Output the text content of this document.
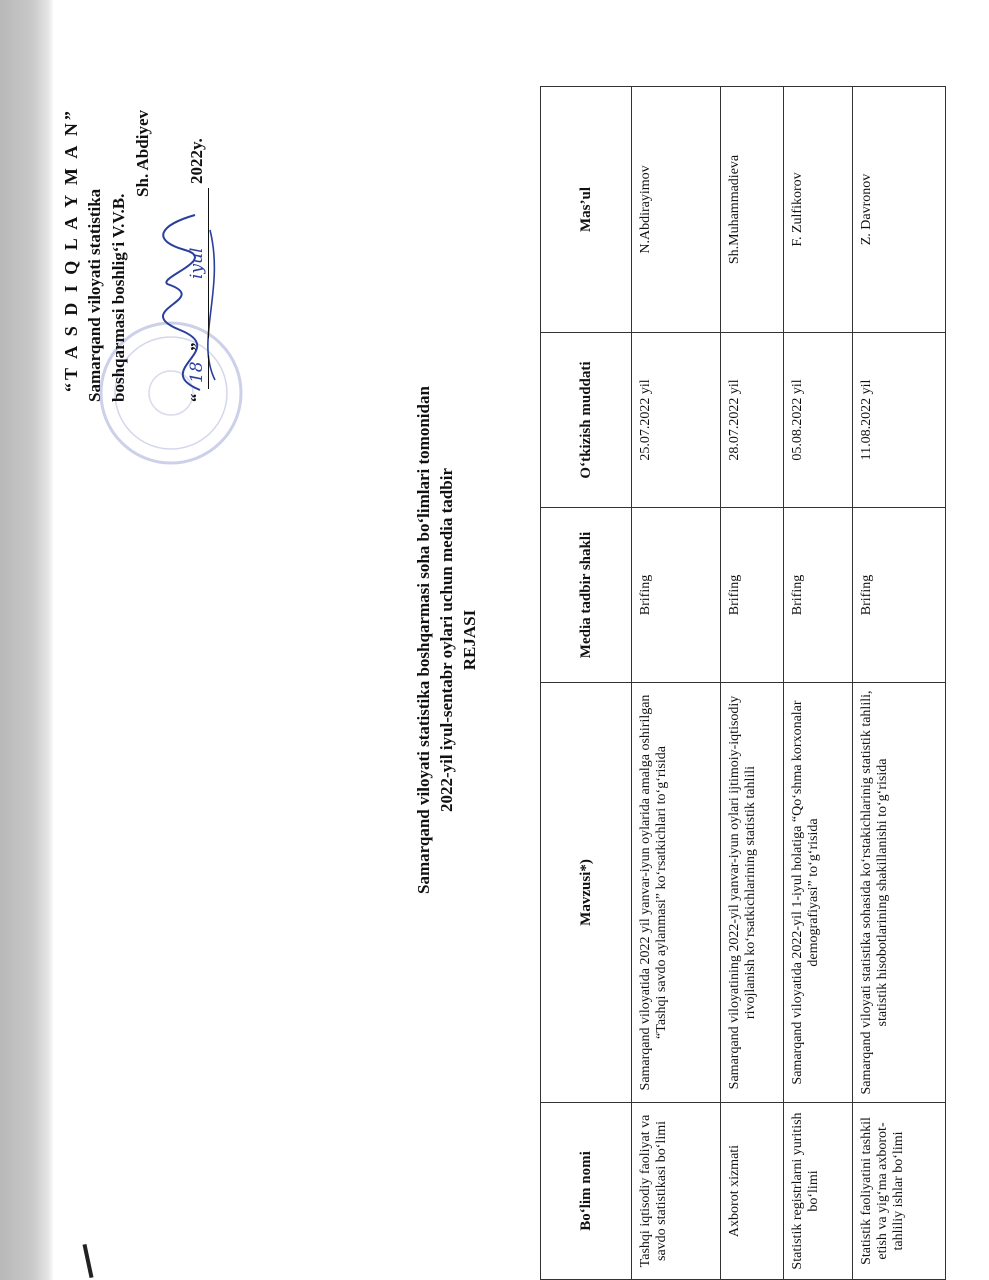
“T A S D I Q L A Y M A N” Samarqand viloyati statistika boshqarmasi boshlig‘i V.V.B.
Sh. Abdiyev
“ 18 ” iyul 2022y.
Samarqand viloyati statistika boshqarmasi soha bo‘limlari tomonidan 2022-yil iyul-sentabr oylari uchun media tadbir REJASI
Bo‘lim nomi	Mavzusi*)	Media tadbir shakli	O‘tkizish muddati	Mas’ul
Tashqi iqtisodiy faoliyat va savdo statistikasi bo‘limi	Samarqand viloyatida 2022 yil yanvar-iyun oylarida amalga oshirilgan “Tashqi savdo aylanmasi” ko‘rsatkichlari to‘g‘risida	Brifing	25.07.2022 yil	N.Abdirayimov
Axborot xizmati	Samarqand viloyatining 2022-yil yanvar-iyun oylari ijtimoiy-iqtisodiy rivojlanish ko‘rsatkichlarining statistik tahlili	Brifing	28.07.2022 yil	Sh.Muhammadieva
Statistik registrlarni yuritish bo‘limi	Samarqand viloyatida 2022-yil 1-iyul holatiga “Qo‘shma korxonalar demografiyasi” to‘g‘risida	Brifing	05.08.2022 yil	F. Zulfikorov
Statistik faoliyatini tashkil etish va yig‘ma axborot-tahliliy ishlar bo‘limi	Samarqand viloyati statistika sohasida ko‘rstakichlarinig statistik tahlili, statistik hisobotlarining shakillanishi to‘g‘risida	Brifing	11.08.2022 yil	Z. Davronov
